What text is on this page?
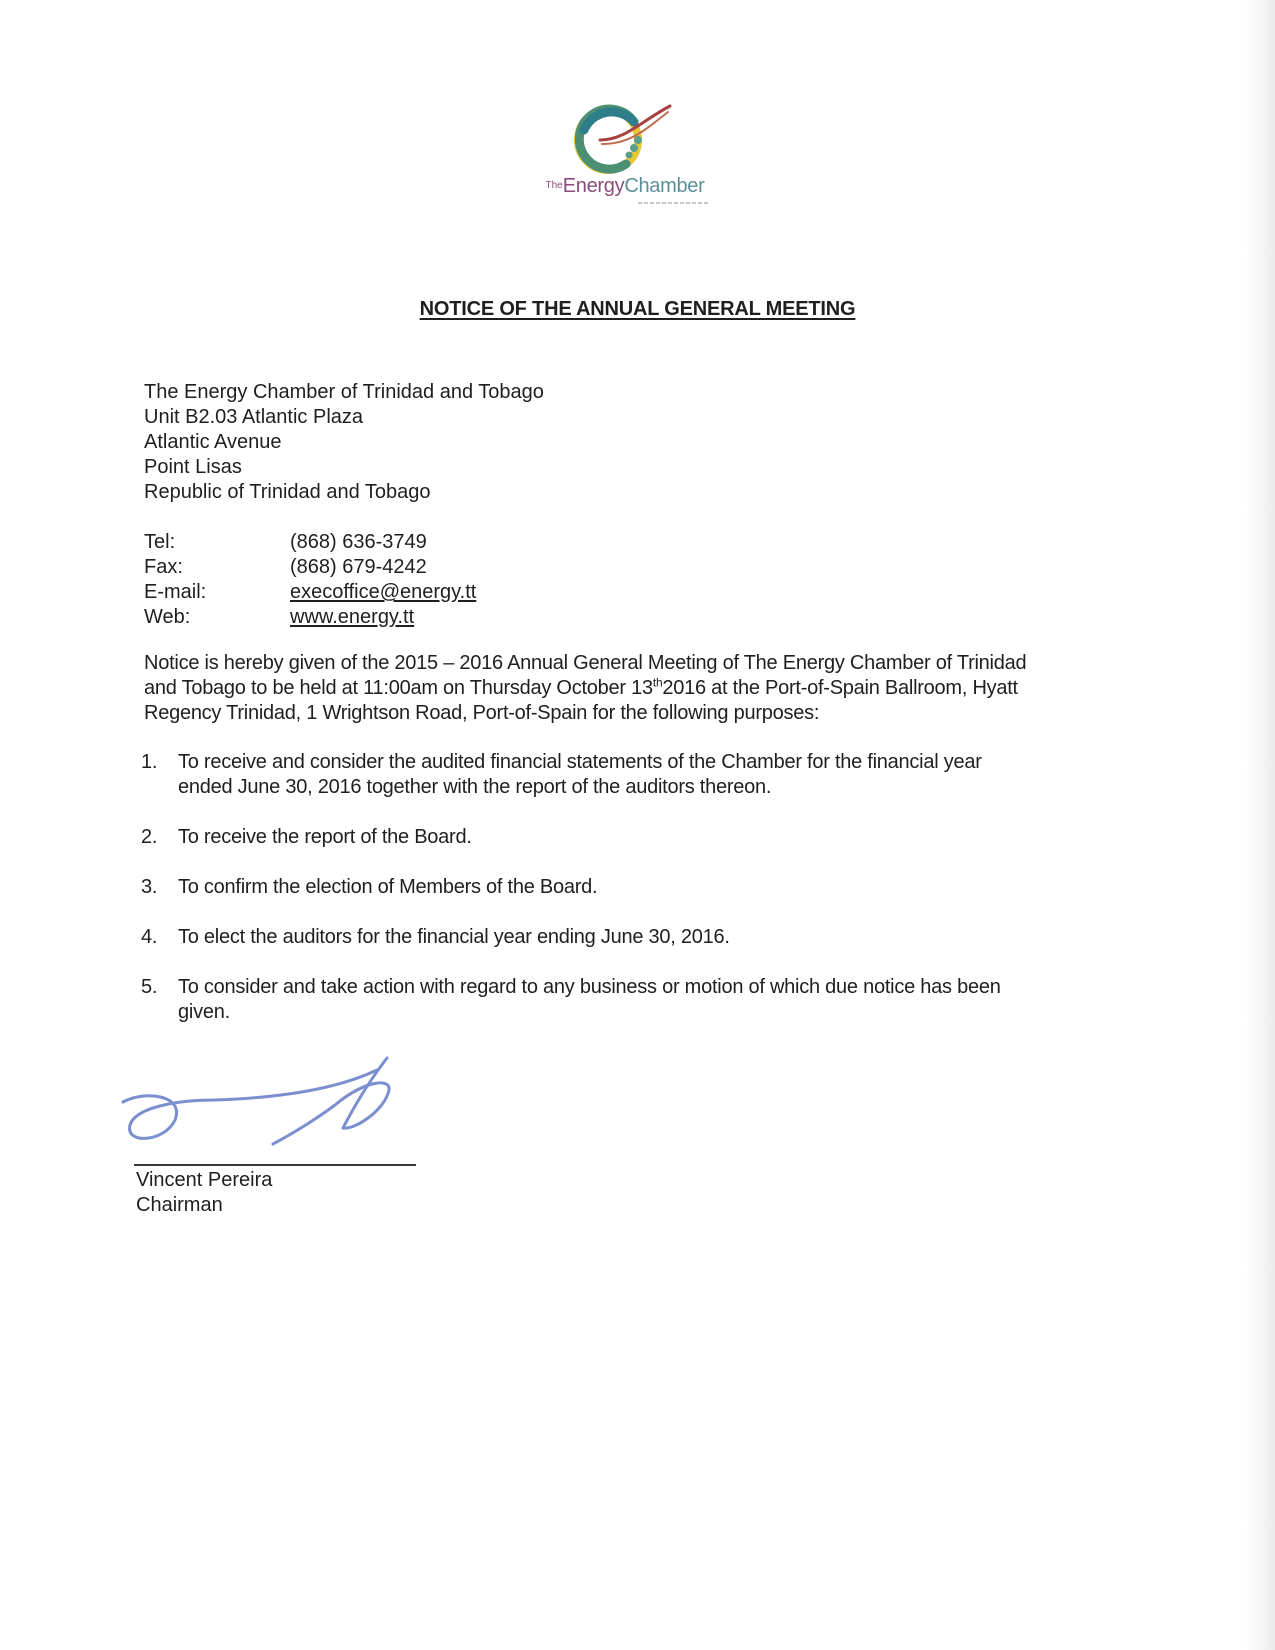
$^{The}$EnergyChamber
NOTICE OF THE ANNUAL GENERAL MEETING
The Energy Chamber of Trinidad and Tobago
Unit B2.03 Atlantic Plaza
Atlantic Avenue
Point Lisas
Republic of Trinidad and Tobago
Tel:	(868) 636-3749
Fax:	(868) 679-4242
E-mail:	execoffice@energy.tt
Web:	www.energy.tt
Notice is hereby given of the 2015 – 2016 Annual General Meeting of The Energy Chamber of Trinidad
and Tobago to be held at 11:00am on Thursday October 13th2016 at the Port-of-Spain Ballroom, Hyatt
Regency Trinidad, 1 Wrightson Road, Port-of-Spain for the following purposes:
1.	To receive and consider the audited financial statements of the Chamber for the financial year
ended June 30, 2016 together with the report of the auditors thereon.
2.	To receive the report of the Board.
3.	To confirm the election of Members of the Board.
4.	To elect the auditors for the financial year ending June 30, 2016.
5.	To consider and take action with regard to any business or motion of which due notice has been
given.
Vincent Pereira
Chairman
